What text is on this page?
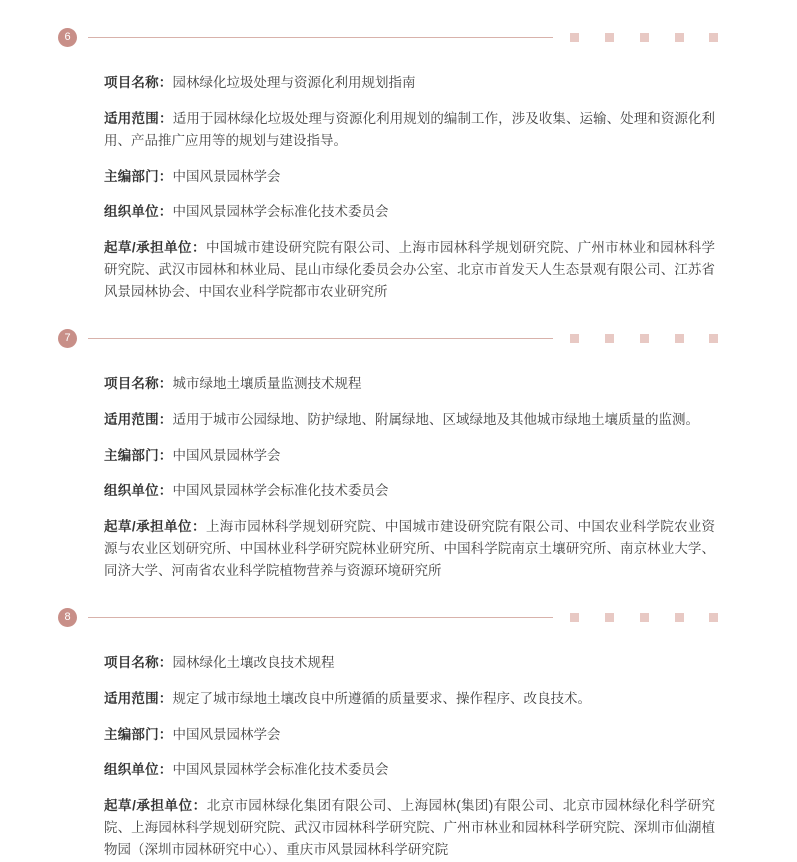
6

项目名称：园林绿化垃圾处理与资源化利用规划指南

适用范围：适用于园林绿化垃圾处理与资源化利用规划的编制工作，涉及收集、运输、处理和资源化利用、产品推广应用等的规划与建设指导。

主编部门：中国风景园林学会

组织单位：中国风景园林学会标准化技术委员会

起草/承担单位：中国城市建设研究院有限公司、上海市园林科学规划研究院、广州市林业和园林科学研究院、武汉市园林和林业局、昆山市绿化委员会办公室、北京市首发天人生态景观有限公司、江苏省风景园林协会、中国农业科学院都市农业研究所

7

项目名称：城市绿地土壤质量监测技术规程

适用范围：适用于城市公园绿地、防护绿地、附属绿地、区域绿地及其他城市绿地土壤质量的监测。

主编部门：中国风景园林学会

组织单位：中国风景园林学会标准化技术委员会

起草/承担单位：上海市园林科学规划研究院、中国城市建设研究院有限公司、中国农业科学院农业资源与农业区划研究所、中国林业科学研究院林业研究所、中国科学院南京土壤研究所、南京林业大学、同济大学、河南省农业科学院植物营养与资源环境研究所

8

项目名称：园林绿化土壤改良技术规程

适用范围：规定了城市绿地土壤改良中所遵循的质量要求、操作程序、改良技术。

主编部门：中国风景园林学会

组织单位：中国风景园林学会标准化技术委员会

起草/承担单位：北京市园林绿化集团有限公司、上海园林(集团)有限公司、北京市园林绿化科学研究院、上海园林科学规划研究院、武汉市园林科学研究院、广州市林业和园林科学研究院、深圳市仙湖植物园（深圳市园林研究中心）、重庆市风景园林科学研究院
